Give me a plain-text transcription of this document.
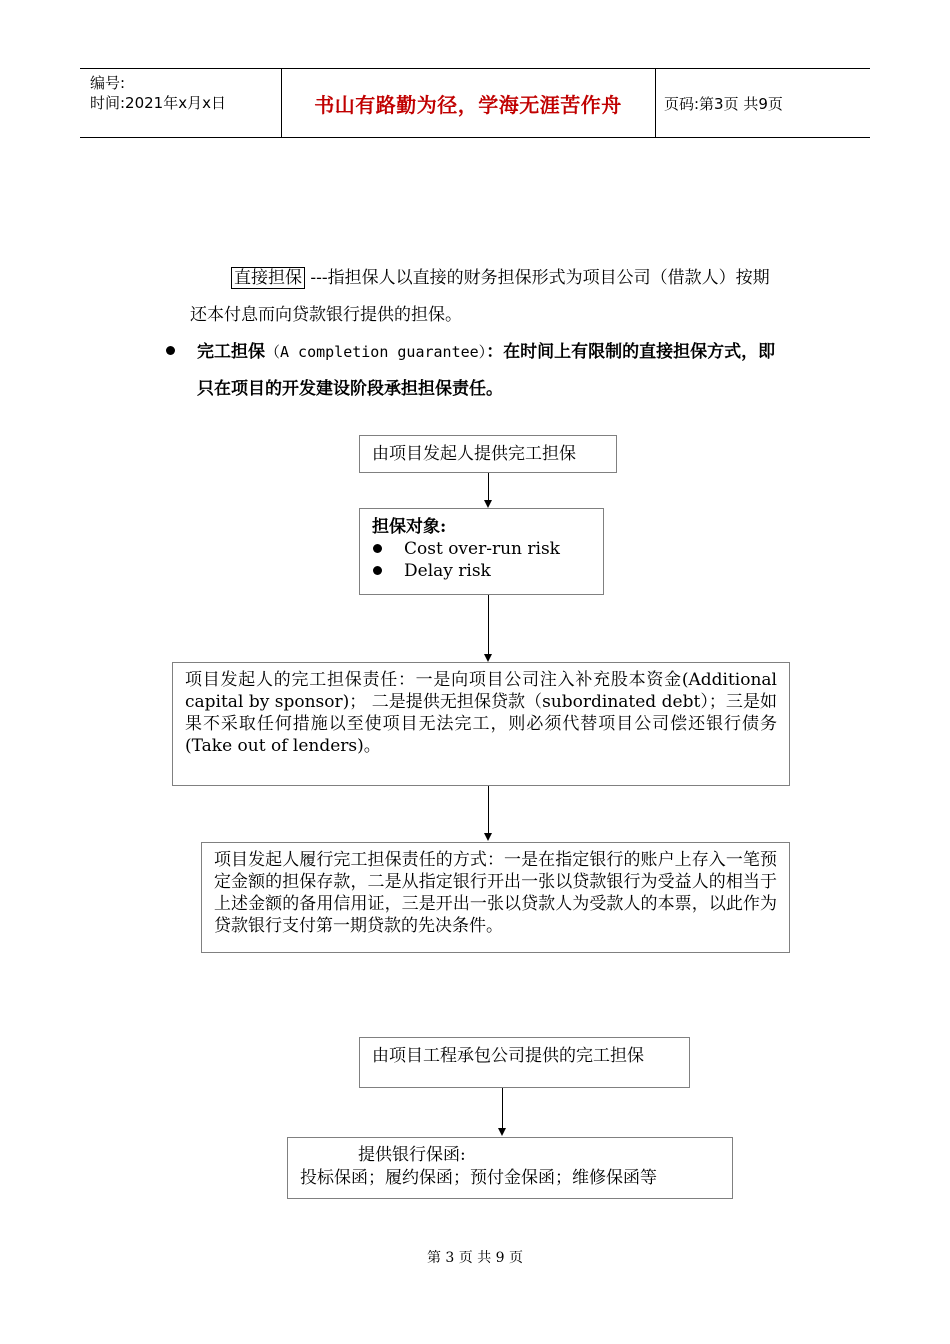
编号:
时间:2021年x月x日	书山有路勤为径，学海无涯苦作舟	页码:第3页 共9页
直接担保 ---指担保人以直接的财务担保形式为项目公司（借款人）按期
还本付息而向贷款银行提供的担保。
完工担保（A completion guarantee）：在时间上有限制的直接担保方式，即
只在项目的开发建设阶段承担担保责任。
由项目发起人提供完工担保
担保对象:
Cost over-run risk
Delay risk
项目发起人的完工担保责任：一是向项目公司注入补充股本资金(Additional capital by sponsor)； 二是提供无担保贷款（subordinated debt）；三是如果不采取任何措施以至使项目无法完工，则必须代替项目公司偿还银行债务(Take out of lenders)。
项目发起人履行完工担保责任的方式：一是在指定银行的账户上存入一笔预定金额的担保存款，二是从指定银行开出一张以贷款银行为受益人的相当于上述金额的备用信用证，三是开出一张以贷款人为受款人的本票，以此作为贷款银行支付第一期贷款的先决条件。
由项目工程承包公司提供的完工担保
提供银行保函:
投标保函；履约保函；预付金保函；维修保函等
第 3 页 共 9 页
